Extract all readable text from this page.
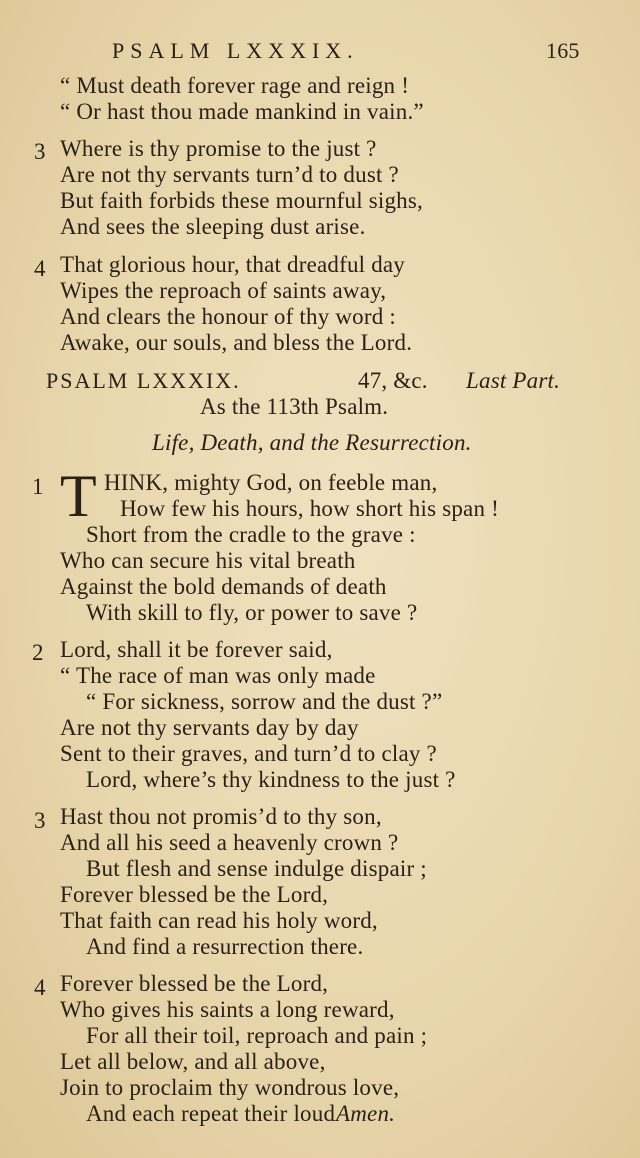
PSALM LXXXIX.	165
“ Must death forever rage and reign !
“ Or hast thou made mankind in vain.”
3 Where is thy promise to the just ?
Are not thy servants turn’d to dust ?
But faith forbids these mournful sighs,
And sees the sleeping dust arise.
4 That glorious hour, that dreadful day
Wipes the reproach of saints away,
And clears the honour of thy word :
Awake, our souls, and bless the Lord.
PSALM LXXXIX.	47, &c. Last Part.
As the 113th Psalm.
Life, Death, and the Resurrection.
1 T HINK, mighty God, on feeble man,
How few his hours, how short his span !
Short from the cradle to the grave :
Who can secure his vital breath
Against the bold demands of death
With skill to fly, or power to save ?
2 Lord, shall it be forever said,
“ The race of man was only made
“ For sickness, sorrow and the dust ?”
Are not thy servants day by day
Sent to their graves, and turn’d to clay ?
Lord, where’s thy kindness to the just ?
3 Hast thou not promis’d to thy son,
And all his seed a heavenly crown ?
But flesh and sense indulge dispair ;
Forever blessed be the Lord,
That faith can read his holy word,
And find a resurrection there.
4 Forever blessed be the Lord,
Who gives his saints a long reward,
For all their toil, reproach and pain ;
Let all below, and all above,
Join to proclaim thy wondrous love,
And each repeat their loud Amen.
